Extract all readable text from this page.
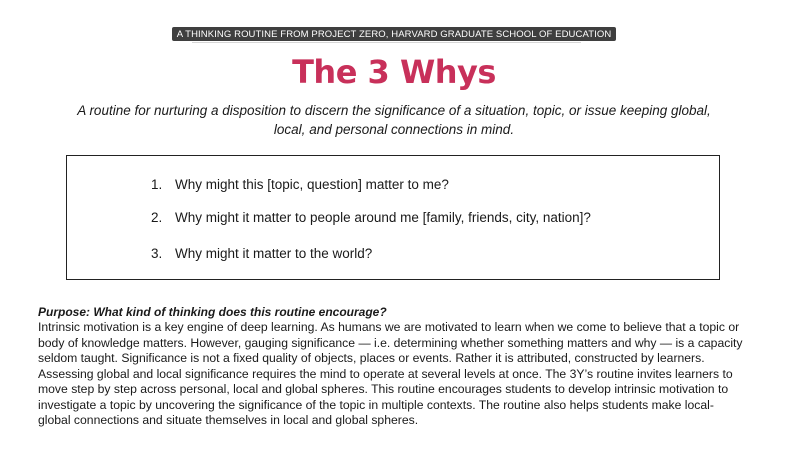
A THINKING ROUTINE FROM PROJECT ZERO, HARVARD GRADUATE SCHOOL OF EDUCATION
The 3 Whys
A routine for nurturing a disposition to discern the significance of a situation, topic, or issue keeping global, local, and personal connections in mind.
1. Why might this [topic, question] matter to me?
2. Why might it matter to people around me [family, friends, city, nation]?
3. Why might it matter to the world?
Purpose: What kind of thinking does this routine encourage?
Intrinsic motivation is a key engine of deep learning. As humans we are motivated to learn when we come to believe that a topic or body of knowledge matters. However, gauging significance — i.e. determining whether something matters and why — is a capacity seldom taught. Significance is not a fixed quality of objects, places or events. Rather it is attributed, constructed by learners. Assessing global and local significance requires the mind to operate at several levels at once. The 3Y’s routine invites learners to move step by step across personal, local and global spheres. This routine encourages students to develop intrinsic motivation to investigate a topic by uncovering the significance of the topic in multiple contexts. The routine also helps students make local-global connections and situate themselves in local and global spheres.
